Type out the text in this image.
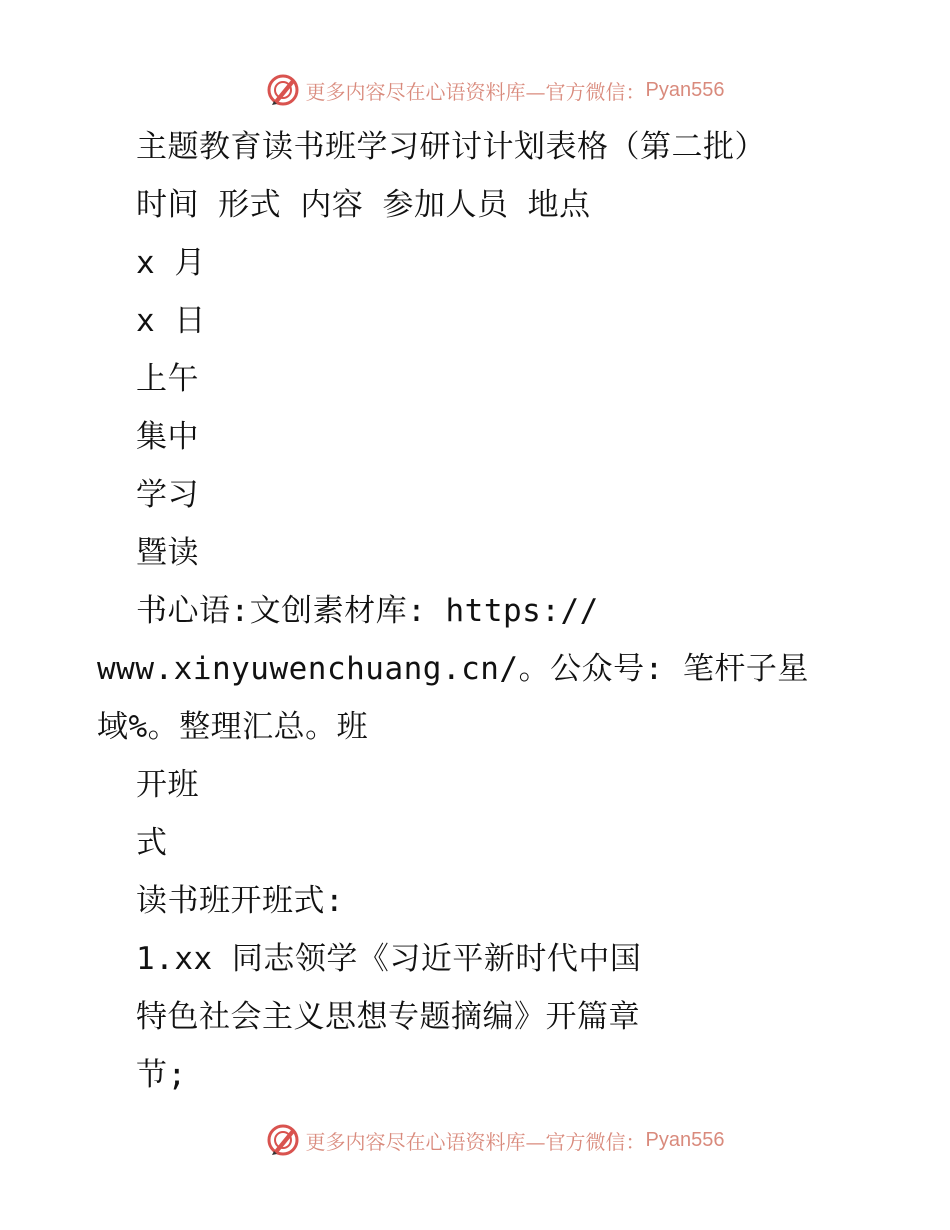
更多内容尽在心语资料库—官方微信： Pyan556
主题教育读书班学习研讨计划表格（第二批）
时间 形式 内容 参加人员 地点
x 月
x 日
上午
集中
学习
暨读
书心语:文创素材库: https://
www.xinyuwenchuang.cn/。公众号: 笔杆子星
域%。整理汇总。班
开班
式
读书班开班式:
1.xx 同志领学《习近平新时代中国
特色社会主义思想专题摘编》开篇章
节;
更多内容尽在心语资料库—官方微信： Pyan556
